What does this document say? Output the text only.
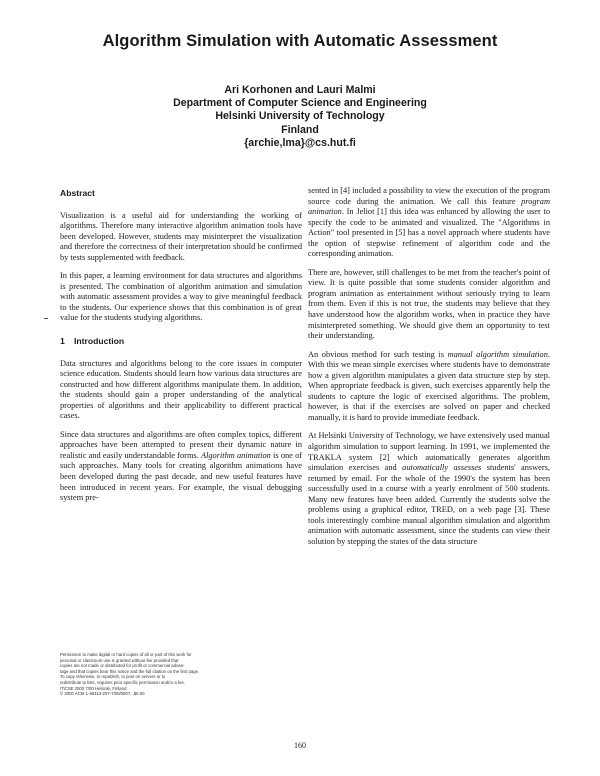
Algorithm Simulation with Automatic Assessment
Ari Korhonen and Lauri Malmi
Department of Computer Science and Engineering
Helsinki University of Technology
Finland
{archie,lma}@cs.hut.fi
Abstract

Visualization is a useful aid for understanding the working of algorithms. Therefore many interactive algorithm animation tools have been developed. However, students may misinterpret the visualization and therefore the correctness of their interpretation should be confirmed by tests supplemented with feedback.

In this paper, a learning environment for data structures and algorithms is presented. The combination of algorithm animation and simulation with automatic assessment provides a way to give meaningful feedback to the students. Our experience shows that this combination is of great value for the students studying algorithms.

1 Introduction

Data structures and algorithms belong to the core issues in computer science education. Students should learn how various data structures are constructed and how different algorithms manipulate them. In addition, the students should gain a proper understanding of the analytical properties of algorithms and their applicability to different practical cases.

Since data structures and algorithms are often complex topics, different approaches have been attempted to present their dynamic nature in realistic and easily understandable forms. Algorithm animation is one of such approaches. Many tools for creating algorithm animations have been developed during the past decade, and new useful features have been introduced in recent years. For example, the visual debugging system pre-

sented in [4] included a possibility to view the execution of the program source code during the animation. We call this feature program animation. In Jeliot [1] this idea was enhanced by allowing the user to specify the code to be animated and visualized. The "Algorithms in Action" tool presented in [5] has a novel approach where students have the option of stepwise refinement of algorithm code and the corresponding animation.

There are, however, still challenges to be met from the teacher's point of view. It is quite possible that some students consider algorithm and program animation as entertainment without seriously trying to learn from them. Even if this is not true, the students may believe that they have understood how the algorithm works, when in practice they have misinterpreted something. We should give them an opportunity to test their understanding.

An obvious method for such testing is manual algorithm simulation. With this we mean simple exercises where students have to demonstrate how a given algorithm manipulates a given data structure step by step. When appropriate feedback is given, such exercises apparently help the students to capture the logic of exercised algorithms. The problem, however, is that if the exercises are solved on paper and checked manually, it is hard to provide immediate feedback.

At Helsinki University of Technology, we have extensively used manual algorithm simulation to support learning. In 1991, we implemented the TRAKLA system [2] which automatically generates algorithm simulation exercises and automatically assesses students' answers, returned by email. For the whole of the 1990's the system has been successfully used in a course with a yearly enrolment of 500 students. Many new features have been added. Currently the students solve the problems using a graphical editor, TRED, on a web page [3]. These tools interestingly combine manual algorithm simulation and algorithm animation with automatic assessment, since the students can view their solution by stepping the states of the data structure

Permission to make digital or hard copies of all or part of this work for
personal or classroom use is granted without fee provided that
copies are not made or distributed for profit or commercial advan-
tage and that copies bear this notice and the full citation on the first page.
To copy otherwise, to republish, to post on servers or to
redistribute to lists, requires prior specific permission and/or a fee.
ITiCSE 2000 7/00 Helsinki, Finland
© 2000 ACM 1-58113-207-7/00/0007...$5.00
160
